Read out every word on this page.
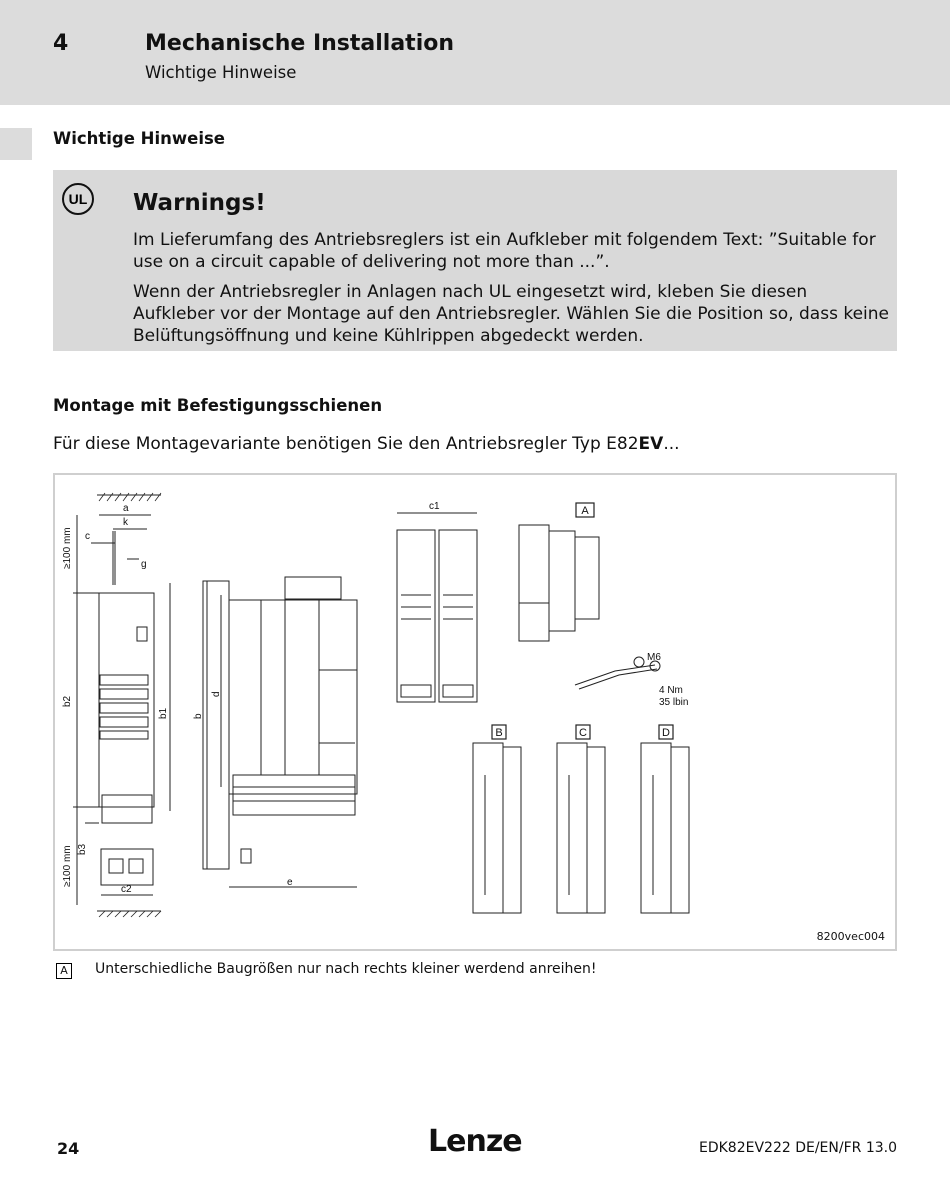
4	Mechanische Installation
Wichtige Hinweise
Wichtige Hinweise
UL Warnings!

Im Lieferumfang des Antriebsreglers ist ein Aufkleber mit folgendem Text: ”Suitable for use on a circuit capable of delivering not more than ...”.

Wenn der Antriebsregler in Anlagen nach UL eingesetzt wird, kleben Sie diesen Aufkleber vor der Montage auf den Antriebsregler. Wählen Sie die Position so, dass keine Belüftungsöffnung und keine Kühlrippen abgedeckt werden.

Montage mit Befestigungsschienen
Für diese Montagevariante benötigen Sie den Antriebsregler Typ E82EV...
a
k
c
g
≥100 mm
b2
b1
b3
≥100 mm
c2
b
d
e
c1	A
B	C	D
M6
4 Nm
35 lbin
8200vec004
A	Unterschiedliche Baugrößen nur nach rechts kleiner werdend anreihen!
24	Lenze	EDK82EV222 DE/EN/FR 13.0
